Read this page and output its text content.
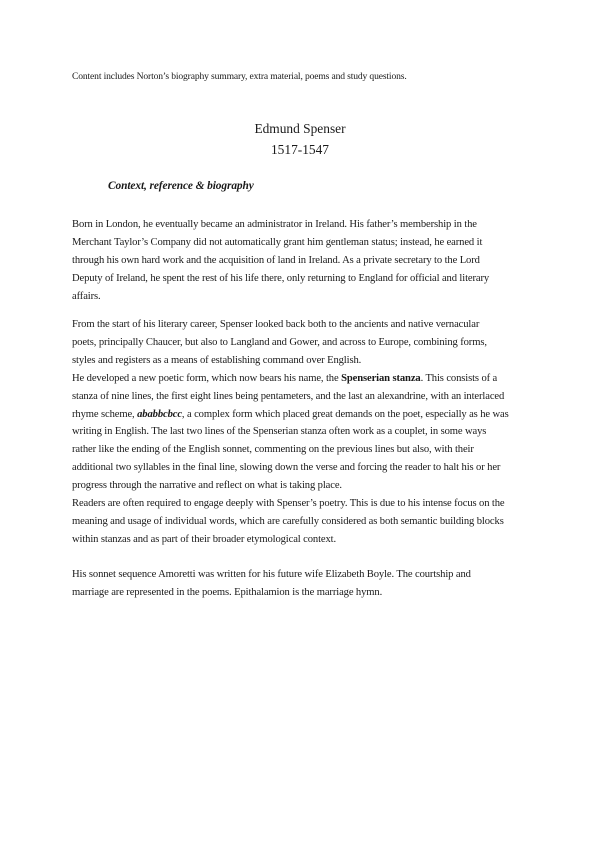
Content includes Norton’s biography summary, extra material, poems and study questions.
Edmund Spenser
1517-1547
Context, reference & biography

Born in London, he eventually became an administrator in Ireland. His father’s membership in the
Merchant Taylor’s Company did not automatically grant him gentleman status; instead, he earned it
through his own hard work and the acquisition of land in Ireland. As a private secretary to the Lord
Deputy of Ireland, he spent the rest of his life there, only returning to England for official and literary
affairs.

From the start of his literary career, Spenser looked back both to the ancients and native vernacular
poets, principally Chaucer, but also to Langland and Gower, and across to Europe, combining forms,
styles and registers as a means of establishing command over English.
He developed a new poetic form, which now bears his name, the Spenserian stanza. This consists of a
stanza of nine lines, the first eight lines being pentameters, and the last an alexandrine, with an interlaced
rhyme scheme, ababbcbcc, a complex form which placed great demands on the poet, especially as he was
writing in English. The last two lines of the Spenserian stanza often work as a couplet, in some ways
rather like the ending of the English sonnet, commenting on the previous lines but also, with their
additional two syllables in the final line, slowing down the verse and forcing the reader to halt his or her
progress through the narrative and reflect on what is taking place.

Readers are often required to engage deeply with Spenser’s poetry. This is due to his intense focus on the
meaning and usage of individual words, which are carefully considered as both semantic building blocks
within stanzas and as part of their broader etymological context.

His sonnet sequence Amoretti was written for his future wife Elizabeth Boyle. The courtship and
marriage are represented in the poems. Epithalamion is the marriage hymn.
